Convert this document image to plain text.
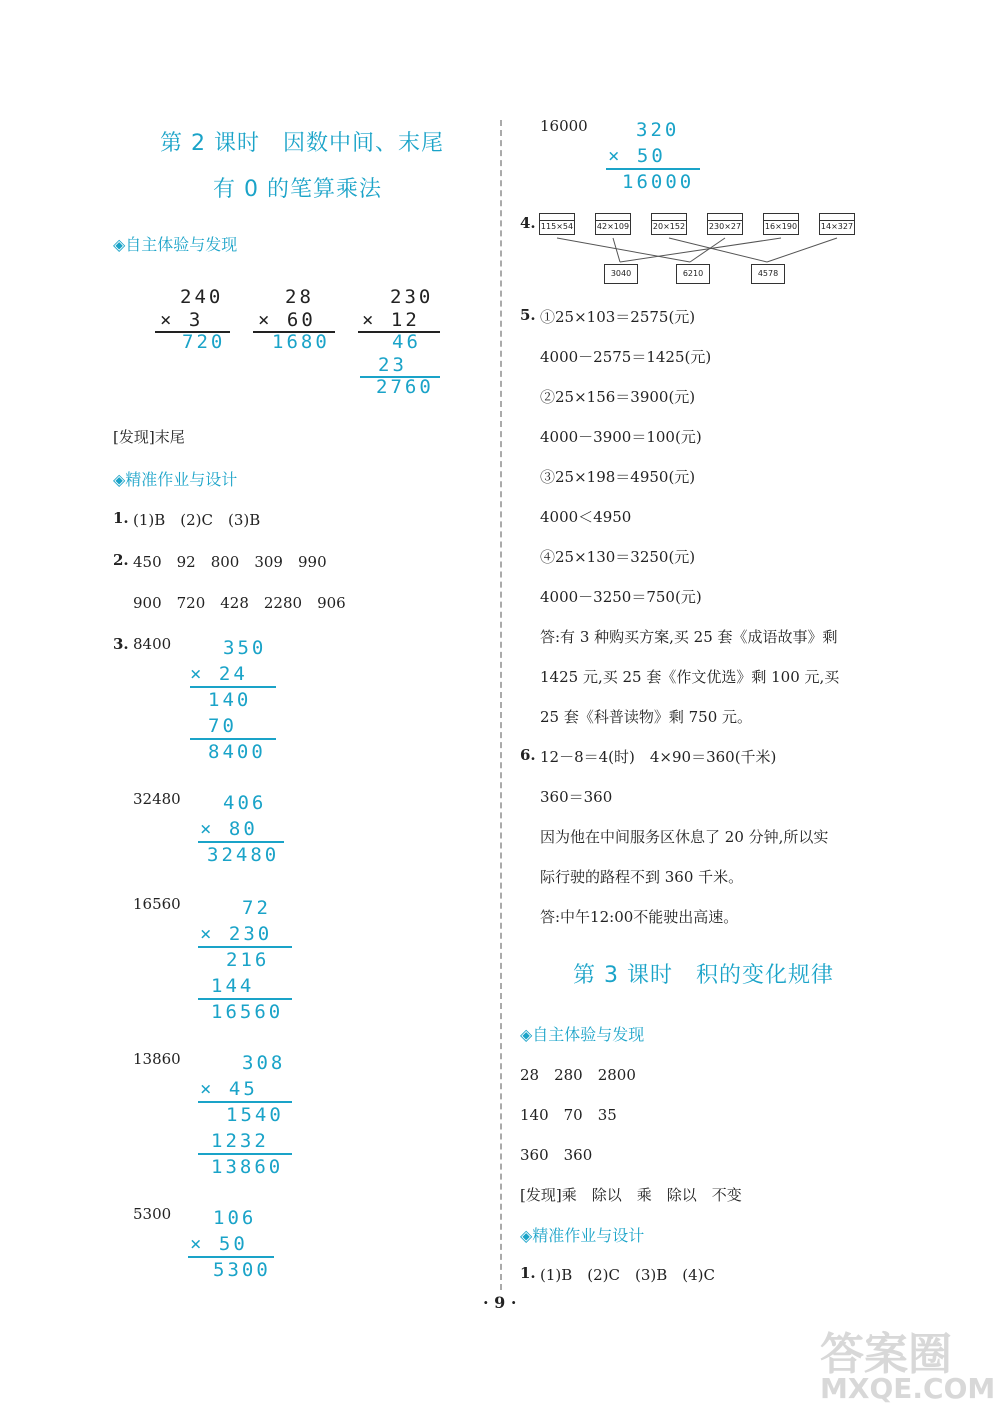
第 2 课时　因数中间、末尾
有 0 的笔算乘法
◈自主体验与发现
240
× 3
720
28
× 60
1680
230
× 12
46
23
2760
[发现]末尾
◈精准作业与设计
1. (1)B　(2)C　(3)B
2. 450　92　800　309　990
900　720　428　2280　906
3. 8400	350
× 24
140
70
8400
32480 406
× 80
32480
16560	72
× 230
216
144
16560
13860	308
× 45
1540
1232
13860
5300 106
× 50
5300
16000	320
× 50
16000
4. 115×54	42×109	20×152	230×27	16×190	14×327
3040	6210	4578
5. ①25×103＝2575(元)
4000－2575＝1425(元)
②25×156＝3900(元)
4000－3900＝100(元)
③25×198＝4950(元)
4000＜4950
④25×130＝3250(元)
4000－3250＝750(元)
答:有 3 种购买方案,买 25 套《成语故事》剩
1425 元,买 25 套《作文优选》剩 100 元,买
25 套《科普读物》剩 750 元。
6. 12－8＝4(时)　4×90＝360(千米)
360＝360
因为他在中间服务区休息了 20 分钟,所以实
际行驶的路程不到 360 千米。
答:中午12:00不能驶出高速。
第 3 课时　积的变化规律
◈自主体验与发现
28　280　2800
140　70　35
360　360
[发现]乘　除以　乘　除以　不变
◈精准作业与设计
1. (1)B　(2)C　(3)B　(4)C
· 9 ·
答案圈
MXQE.COM
